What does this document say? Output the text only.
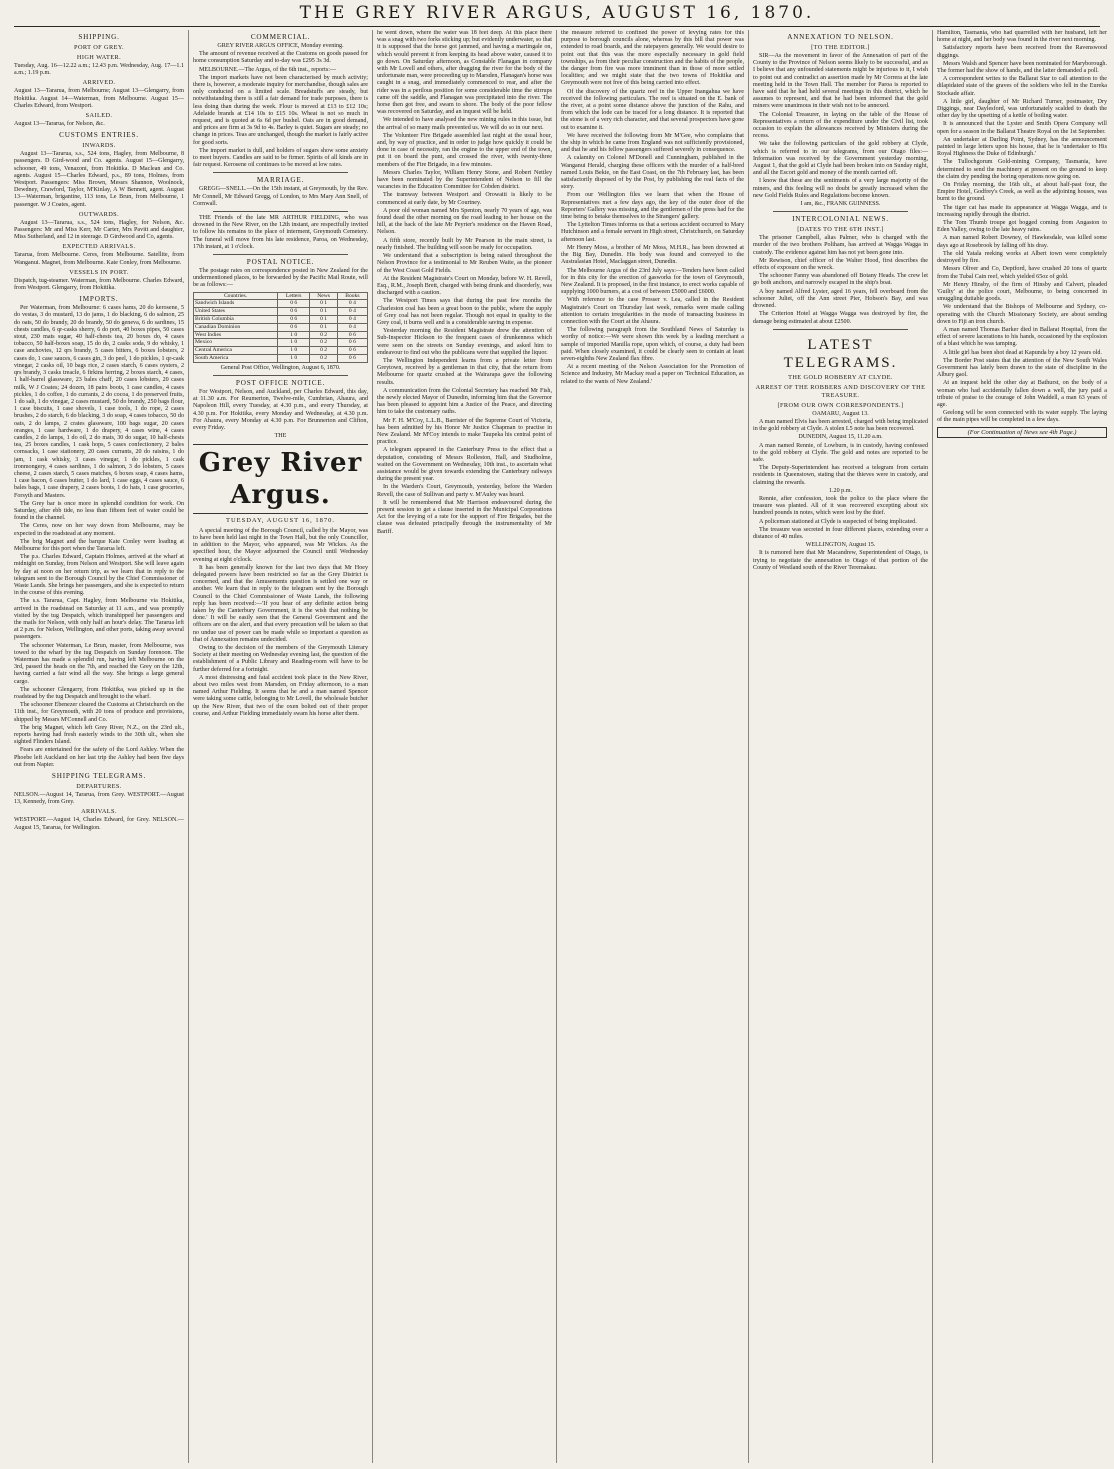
THE GREY RIVER ARGUS, AUGUST 16, 1870.
SHIPPING.
PORT OF GREY.
HIGH WATER.

Tuesday, Aug. 16—12.22 a.m.; 12.43 p.m. Wednesday, Aug. 17—1.1 a.m.; 1.19 p.m.

ARRIVED.

August 13—Tararua, from Melbourne; August 13—Glengarry, from Hokitika. August 14—Waterman, from Melbourne. August 15—Charles Edward, from Westport.

SAILED.

August 13—Tararua, for Nelson, &c.

CUSTOMS ENTRIES.
INWARDS.

August 13—Tararua, s.s., 524 tons, Hagley, from Melbourne, 8 passengers. D Gird-wood and Co. agents. August 15—Glengarry, schooner, 49 tons, Venazoni, from Hokitika. D Maclean and Co. agents. August 15—Charles Edward, p.s., 89 tons, Holmes, from Westport. Passengers: Miss Brown, Messrs Shannon, Woolnock, Dewdney, Crawford, Taylor, M'Kinlay, A W Bennett, agent. August 13—Waterman, brigantine, 113 tons, Le Brun, from Melbourne, 1 passenger. W J Coates, agent.

OUTWARDS.

August 13—Tararua, s.s., 524 tons, Hagley, for Nelson, &c. Passengers: Mr and Miss Kerr, Mr Carter, Mrs Pavitt and daughter, Miss Sutherland, and 12 in steerage. D Girdwood and Co, agents.

EXPECTED ARRIVALS.

Tararua, from Melbourne. Ceres, from Melbourne. Satellite, from Wanganui. Magnet, from Melbourne. Kate Conley, from Melbourne.

VESSELS IN PORT.

Dispatch, tug-steamer. Waterman, from Melbourne. Charles Edward, from Westport. Glengarry, from Hokitika.

IMPORTS.

Per Waterman, from Melbourne: 6 cases hams, 20 do kerosene, 5 do vestas, 3 do mustard, 13 do jams, 1 do blacking, 6 do salmon, 25 do oats, 50 do brandy, 20 do brandy, 50 do geneva, 6 do sardines, 15 chests candles, 6 qr-casks sherry, 6 do port, 40 boxes pipes, 50 cases stout, 230 mats sugar, 40 half-chests tea, 20 boxes do, 4 cases tobacco, 50 half-boxes soap, 15 do do, 2 casks soda, 9 do whisky, 1 case anchovies, 12 qrs brandy, 5 cases bitters, 6 boxes lobsters, 2 cases do, 1 case sauces, 6 cases gin, 3 do peel, 1 do pickles, 1 qr-cask vinegar, 2 casks oil, 10 bags rice, 2 cases starch, 6 cases oysters, 2 qrs brandy, 3 casks treacle, 6 firkins herring, 2 boxes starch, 4 cases, 1 half-barrel glassware, 23 bales chaff, 20 cases lobsters, 20 cases milk, W J Coates; 24 dozen, 18 pairs boots, 1 case candles, 4 cases pickles, 1 do coffee, 1 do currants, 2 do cocoa, 1 do preserved fruits, 1 do salt, 1 do vinegar, 2 cases mustard, 50 do brandy, 250 bags flour, 1 case biscuits, 1 case shovels, 1 case tools, 1 do rope, 2 cases brushes, 2 do starch, 6 do blacking, 3 do soap, 4 cases tobacco, 50 do oats, 2 do lamps, 2 crates glassware, 100 bags sugar, 20 cases oranges, 1 case hardware, 1 do drapery, 4 cases wine, 4 cases candles, 2 do lamps, 1 do oil, 2 do mats, 30 do sugar, 10 half-chests tea, 25 boxes candles, 1 cask hops, 5 cases confectionery, 2 bales cornsacks, 1 case stationery, 20 cases currants, 20 do raisins, 1 do jam, 1 cask whisky, 3 cases vinegar, 1 do pickles, 1 cask ironmongery, 4 cases sardines, 1 do salmon, 3 do lobsters, 5 cases cheese, 2 cases starch, 5 cases matches, 6 boxes soap, 4 cases hams, 1 case bacon, 6 cases butter, 1 do lard, 1 case eggs, 4 cases sauce, 6 bales bags, 1 case drapery, 2 cases boots, 1 do hats, 1 case groceries, Forsyth and Masters.

The Grey bar is once more in splendid condition for work. On Saturday, after ebb tide, no less than fifteen feet of water could be found in the channel.

The Ceres, now on her way down from Melbourne, may be expected in the roadstead at any moment.

The brig Magnet and the barque Kate Conley were loading at Melbourne for this port when the Tararua left.

The p.s. Charles Edward, Captain Holmes, arrived at the wharf at midnight on Sunday, from Nelson and Westport. She will leave again by day at noon on her return trip, as we learn that in reply to the telegram sent to the Borough Council by the Chief Commissioner of Waste Lands. She brings her passengers, and she is expected to return in the course of this evening.

The s.s. Tararua, Capt. Hagley, from Melbourne via Hokitika, arrived in the roadstead on Saturday at 11 a.m., and was promptly visited by the tug Despatch, which transhipped her passengers and the mails for Nelson, with only half an hour's delay. The Tararua left at 2 p.m. for Nelson, Wellington, and other ports, taking away several passengers.

The schooner Waterman, Le Brun, master, from Melbourne, was towed to the wharf by the tug Despatch on Sunday forenoon. The Waterman has made a splendid run, having left Melbourne on the 3rd, passed the heads on the 7th, and reached the Grey on the 12th, having carried a fair wind all the way. She brings a large general cargo.

The schooner Glengarry, from Hokitika, was picked up in the roadstead by the tug Despatch and brought to the wharf.

The schooner Ebenezer cleared the Customs at Christchurch on the 11th inst., for Greymouth, with 20 tons of produce and provisions, shipped by Messrs M'Connell and Co.

The brig Magnet, which left Grey River, N.Z., on the 23rd ult., reports having had fresh easterly winds to the 30th ult., when she sighted Flinders Island.

Fears are entertained for the safety of the Lord Ashley. When the Phoebe left Auckland on her last trip the Ashley had been five days out from Napier.

SHIPPING TELEGRAMS.
DEPARTURES.

NELSON.—August 14, Tararua, from Grey. WESTPORT.—August 13, Kennedy, from Grey.

ARRIVALS.

WESTPORT.—August 14, Charles Edward, for Grey. NELSON.—August 15, Tararua, for Wellington.

COMMERCIAL.

GREY RIVER ARGUS OFFICE, Monday evening.

The amount of revenue received at the Customs on goods passed for home consumption Saturday and to-day was £295 3s 3d.

MELBOURNE.—The Argus, of the 6th inst., reports:—

The import markets have not been characterised by much activity; there is, however, a moderate inquiry for merchandise, though sales are only conducted on a limited scale. Breadstuffs are steady, but notwithstanding there is still a fair demand for trade purposes, there is less doing than during the week. Flour is moved at £13 to £12 10s; Adelaide brands at £14 10s to £15 10s. Wheat is not so much in request, and is quoted at 6s 6d per bushel. Oats are in good demand, and prices are firm at 3s 9d to 4s. Barley is quiet. Sugars are steady; no change in prices. Teas are unchanged, though the market is fairly active for good sorts.

The import market is dull, and holders of sugars show some anxiety to meet buyers. Candles are said to be firmer. Spirits of all kinds are in fair request. Kerosene oil continues to be moved at low rates.

MARRIAGE.

GREGG—SNELL.—On the 15th instant, at Greymouth, by the Rev. Mr Connell, Mr Edward Gregg, of London, to Mrs Mary Ann Snell, of Cornwall.

THE Friends of the late MR ARTHUR FIELDING, who was drowned in the New River, on the 12th instant, are respectfully invited to follow his remains to the place of interment, Greymouth Cemetery. The funeral will move from his late residence, Paroa, on Wednesday, 17th instant, at 1 o'clock.

POSTAL NOTICE.

The postage rates on correspondence posted in New Zealand for the undermentioned places, to be forwarded by the Pacific Mail Route, will be as follows:—

Countries.	Letters	News	Books
Sandwich Islands	0 6	0 1	0 4
United States	0 6	0 1	0 4
British Columbia	0 6	0 1	0 4
Canadian Dominion	0 6	0 1	0 4
West Indies	1 0	0 2	0 6
Mexico	1 0	0 2	0 6
Central America	1 0	0 2	0 6
South America	1 0	0 2	0 6

General Post Office, Wellington, August 6, 1870.

POST OFFICE NOTICE.

For Westport, Nelson, and Auckland, per Charles Edward, this day, at 11.30 a.m. For Reumerton, Twelve-mile, Cumbrian, Ahaura, and Napoleon Hill, every Tuesday, at 4.30 p.m., and every Thursday, at 4.30 p.m. For Hokitika, every Monday and Wednesday, at 4.30 p.m. For Ahaura, every Monday at 4.30 p.m. For Brunnerton and Clifton, every Friday.

THE

Grey River Argus.
TUESDAY, AUGUST 16, 1870.

A special meeting of the Borough Council, called by the Mayor, was to have been held last night in the Town Hall, but the only Councillor, in addition to the Mayor, who appeared, was Mr Wickes. As the specified hour, the Mayor adjourned the Council until Wednesday evening at eight o'clock.

It has been generally known for the last two days that Mr Hoey delegated powers have been restricted so far as the Grey District is concerned, and that the Amusements question is settled one way or another. We learn that in reply to the telegram sent by the Borough Council to the Chief Commissioner of Waste Lands, the following reply has been received:—'If you hear of any definite action being taken by the Canterbury Government, it is the wish that nothing be done.' It will be easily seen that the General Government and the officers are on the alert, and that every precaution will be taken so that no undue use of power can be made while so important a question as that of Annexation remains undecided.

Owing to the decision of the members of the Greymouth Literary Society at their meeting on Wednesday evening last, the question of the establishment of a Public Library and Reading-room will have to be further deferred for a fortnight.

A most distressing and fatal accident took place in the New River, about two miles west from Marsden, on Friday afternoon, to a man named Arthur Fielding. It seems that he and a man named Spencer were taking some cattle, belonging to Mr Lovell, the wholesale butcher up the New River, that two of the oxen bolted out of their proper course, and Arthur Fielding immediately swam his horse after them.

he went down, where the water was 18 feet deep. At this place there was a snag with two forks sticking up; but evidently underwater, so that it is supposed that the horse got jammed, and having a martingale on, which would prevent it from keeping its head above water, caused it to go down. On Saturday afternoon, as Constable Flanagan in company with Mr Lovell and others, after dragging the river for the body of the unfortunate man, were proceeding up to Marsden, Flanagan's horse was caught in a snag, and immediately commenced to rear, and after the rider was in a perilous position for some considerable time the stirrups came off the saddle, and Flanagan was precipitated into the river. The horse then got free, and swam to shore. The body of the poor fellow was recovered on Saturday, and an inquest will be held.

We intended to have analysed the new mining rules in this issue, but the arrival of so many mails prevented us. We will do so in our next.

The Volunteer Fire Brigade assembled last night at the usual hour, and, by way of practice, and in order to judge how quickly it could be done in case of necessity, ran the engine to the upper end of the town, put it on board the punt, and crossed the river, with twenty-three members of the Fire Brigade, in a few minutes.

Messrs Charles Taylor, William Henry Stone, and Robert Nettley have been nominated by the Superintendent of Nelson to fill the vacancies in the Education Committee for Cobden district.

The tramway between Westport and Orowaiti is likely to be commenced at early date, by Mr Courtney.

A poor old woman named Mrs Spenton, nearly 70 years of age, was found dead the other morning on the road leading to her house on the hill, at the back of the late Mr Peyrier's residence on the Haven Road, Nelson.

A fifth store, recently built by Mr Pearson in the main street, is nearly finished. The building will soon be ready for occupation.

We understand that a subscription is being raised throughout the Nelson Province for a testimonial to Mr Reuben Waite, as the pioneer of the West Coast Gold Fields.

At the Resident Magistrate's Court on Monday, before W. H. Revell, Esq., R.M., Joseph Brett, charged with being drunk and disorderly, was discharged with a caution.

The Westport Times says that during the past few months the Charleston coal has been a great boon to the public, where the supply of Grey coal has not been regular. Though not equal in quality to the Grey coal, it burns well and is a considerable saving in expense.

Yesterday morning the Resident Magistrate drew the attention of Sub-Inspector Hickson to the frequent cases of drunkenness which were seen on the streets on Sunday evenings, and asked him to endeavour to find out who the publicans were that supplied the liquor.

The Wellington Independent learns from a private letter from Greytown, received by a gentleman in that city, that the return from Melbourne for quartz crushed at the Wairarapa gave the following results.

A communication from the Colonial Secretary has reached Mr Fish, the newly elected Mayor of Dunedin, informing him that the Governor has been pleased to appoint him a Justice of the Peace, and directing him to take the customary oaths.

Mr F. H. M'Coy, L.L.B., Barrister of the Supreme Court of Victoria, has been admitted by his Honor Mr Justice Chapman to practise in New Zealand. Mr M'Coy intends to make Taupeka his central point of practice.

A telegram appeared in the Canterbury Press to the effect that a deputation, consisting of Messrs Rolleston, Hall, and Studholme, waited on the Government on Wednesday, 10th inst., to ascertain what assistance would be given towards extending the Canterbury railways during the present year.

In the Warden's Court, Greymouth, yesterday, before the Warden Revell, the case of Sullivan and party v. M'Auley was heard.

It will be remembered that Mr Harrison endeavoured during the present session to get a clause inserted in the Municipal Corporations Act for the levying of a rate for the support of Fire Brigades, but the clause was defeated principally through the instrumentality of Mr Bariff.

the measure referred to confined the power of levying rates for this purpose to borough councils alone, whereas by this bill that power was extended to road boards, and the ratepayers generally. We would desire to point out that this was the more especially necessary in gold field townships, as from their peculiar construction and the habits of the people, the danger from fire was more imminent than in those of more settled localities; and we might state that the two towns of Hokitika and Greymouth were not free of this being carried into effect.

Of the discovery of the quartz reef in the Upper Inangahua we have received the following particulars. The reef is situated on the E. bank of the river, at a point some distance above the junction of the Rahu, and from which the lode can be traced for a long distance. It is reported that the stone is of a very rich character, and that several prospectors have gone out to examine it.

We have received the following from Mr M'Gee, who complains that the ship in which he came from England was not sufficiently provisioned, and that he and his fellow passengers suffered severely in consequence.

A calamity on Colonel M'Donell and Cunningham, published in the Wanganui Herald, charging these officers with the murder of a half-bred named Louis Bekie, on the East Coast, on the 7th February last, has been satisfactorily disposed of by the Post, by publishing the real facts of the story.

From our Wellington files we learn that when the House of Representatives met a few days ago, the key of the outer door of the Reporters' Gallery was missing, and the gentlemen of the press had for the time being to betake themselves to the Strangers' gallery.

The Lyttelton Times informs us that a serious accident occurred to Mary Hutchinson and a female servant in High street, Christchurch, on Saturday afternoon last.

Mr Henry Moss, a brother of Mr Moss, M.H.R., has been drowned at the Big Bay, Dunedin. His body was found and conveyed to the Australasian Hotel, Maclaggan street, Dunedin.

The Melbourne Argus of the 23rd July says:—Tenders have been called for in this city for the erection of gasworks for the town of Greymouth, New Zealand. It is proposed, in the first instance, to erect works capable of supplying 1000 burners, at a cost of between £5000 and £6000.

With reference to the case Prosser v. Lea, called in the Resident Magistrate's Court on Thursday last week, remarks were made calling attention to certain irregularities in the mode of transacting business in connection with the Court at the Ahaura.

The following paragraph from the Southland News of Saturday is worthy of notice:—We were shown this week by a leading merchant a sample of imported Manilla rope, upon which, of course, a duty had been paid. When closely examined, it could be clearly seen to contain at least seven-eighths New Zealand flax fibre.

At a recent meeting of the Nelson Association for the Promotion of Science and Industry, Mr Mackay read a paper on 'Technical Education, as related to the wants of New Zealand.'

ANNEXATION TO NELSON.
[TO THE EDITOR.]

SIR—As the movement in favor of the Annexation of part of the County to the Province of Nelson seems likely to be successful, and as I believe that any unfounded statements might be injurious to it, I wish to point out and contradict an assertion made by Mr Correra at the late meeting held in the Town Hall. The member for Paroa is reported to have said that he had held several meetings in this district, which he assumes to represent, and that he had been informed that the gold miners were unanimous in their wish not to be annexed.

The Colonial Treasurer, in laying on the table of the House of Representatives a return of the expenditure under the Civil list, took occasion to explain the allowances received by Ministers during the recess.

We take the following particulars of the gold robbery at Clyde, which is referred to in our telegrams, from our Otago files:—Information was received by the Government yesterday morning, August 1, that the gold at Clyde had been broken into on Sunday night, and all the Escort gold and money of the month carried off.

I know that these are the sentiments of a very large majority of the miners, and this feeling will no doubt be greatly increased when the new Gold Fields Rules and Regulations become known.

I am, &c., FRANK GUINNESS.

INTERCOLONIAL NEWS.
[DATES TO THE 6TH INST.]

The prisoner Campbell, alias Palmer, who is charged with the murder of the two brothers Poliham, has arrived at Wagga Wagga in custody. The evidence against him has not yet been gone into.

Mr Rewison, chief officer of the Walter Hood, first describes the effects of exposure on the wreck.

The schooner Fanny was abandoned off Botany Heads. The crew let go both anchors, and narrowly escaped in the ship's boat.

A boy named Alfred Lyster, aged 16 years, fell overboard from the schooner Juliet, off the Ann street Pier, Hobson's Bay, and was drowned.

The Criterion Hotel at Wagga Wagga was destroyed by fire, the damage being estimated at about £2500.

LATEST TELEGRAMS.
THE GOLD ROBBERY AT CLYDE.
ARREST OF THE ROBBERS AND DISCOVERY OF THE TREASURE.
[FROM OUR OWN CORRESPONDENTS.]

OAMARU, August 13.

A man named Elvis has been arrested, charged with being implicated in the gold robbery at Clyde. A stolen L5 note has been recovered.

DUNEDIN, August 15, 11.20 a.m.

A man named Rennie, of Lowburn, is in custody, having confessed to the gold robbery at Clyde. The gold and notes are reported to be safe.

The Deputy-Superintendent has received a telegram from certain residents in Queenstown, stating that the thieves were in custody, and claiming the rewards.

1.20 p.m.

Rennie, after confession, took the police to the place where the treasure was planted. All of it was recovered excepting about six hundred pounds in notes, which were lost by the thief.

A policeman stationed at Clyde is suspected of being implicated.

The treasure was secreted in four different places, extending over a distance of 40 miles.

WELLINGTON, August 15.

It is rumored here that Mr Macandrew, Superintendent of Otago, is trying to negotiate the annexation to Otago of that portion of the County of Westland south of the River Teremakau.

Hamilton, Tasmania, who had quarrelled with her husband, left her home at night, and her body was found in the river next morning.

Satisfactory reports have been received from the Ravenswood diggings.

Messrs Walsh and Spencer have been nominated for Maryborough. The former had the show of hands, and the latter demanded a poll.

A correspondent writes to the Ballarat Star to call attention to the dilapidated state of the graves of the soldiers who fell in the Eureka Stockade affair.

A little girl, daughter of Mr Richard Turner, postmaster, Dry Diggings, near Daylesford, was unfortunately scalded to death the other day by the upsetting of a kettle of boiling water.

It is announced that the Lyster and Smith Opera Company will open for a season in the Ballarat Theatre Royal on the 1st September.

An undertaker at Darling Point, Sydney, has the announcement painted in large letters upon his house, that he is 'undertaker to His Royal Highness the Duke of Edinburgh.'

The Tullochgorum Gold-mining Company, Tasmania, have determined to send the machinery at present on the ground to keep the claim dry pending the boring operations now going on.

On Friday morning, the 16th ult., at about half-past four, the Empire Hotel, Godfrey's Creek, as well as the adjoining houses, was burnt to the ground.

The tiger cat has made its appearance at Wagga Wagga, and is increasing rapidly through the district.

The Tom Thumb troupe got bogged coming from Angaston to Eden Valley, owing to the late heavy rains.

A man named Robert Downey, of Hawkesdale, was killed some days ago at Rosebrook by falling off his dray.

The old Yatala reeking works at Albert town were completely destroyed by fire.

Messrs Oliver and Co, Deptford, have crushed 20 tons of quartz from the Tubal Cain reef, which yielded 65oz of gold.

Mr Henry Hinsby, of the firm of Hinsby and Calvert, pleaded 'Guilty' at the police court, Melbourne, to being concerned in smuggling dutiable goods.

We understand that the Bishops of Melbourne and Sydney, co-operating with the Church Missionary Society, are about sending down to Fiji an iron church.

A man named Thomas Barker died in Ballarat Hospital, from the effect of severe lacerations to his hands, occasioned by the explosion of a blast which he was tamping.

A little girl has been shot dead at Kapunda by a boy 12 years old.

The Border Post states that the attention of the New South Wales Government has lately been drawn to the state of discipline in the Albury gaol.

At an inquest held the other day at Bathurst, on the body of a woman who had accidentally fallen down a well, the jury paid a tribute of praise to the courage of John Waddell, a man 63 years of age.

Geelong will be soon connected with its water supply. The laying of the main pipes will be completed in a few days.

(For Continuation of News see 4th Page.)
